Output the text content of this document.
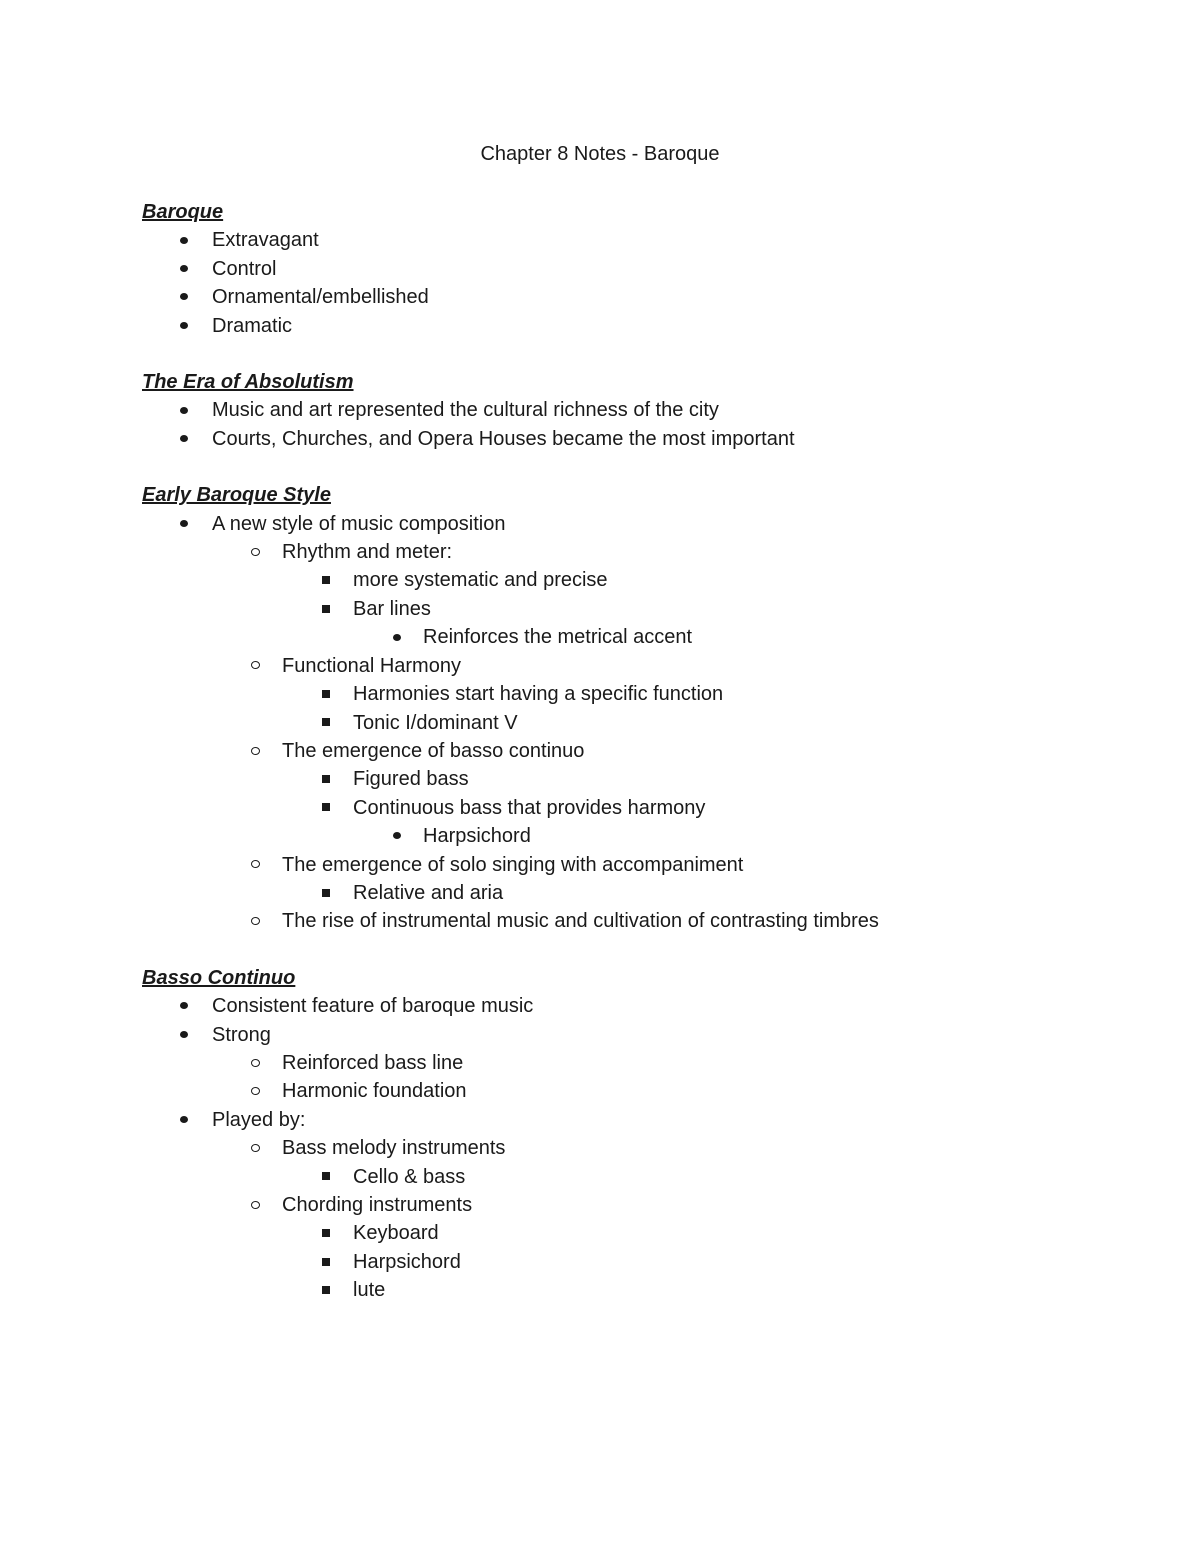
Chapter 8 Notes - Baroque
Baroque
Extravagant
Control
Ornamental/embellished
Dramatic
The Era of Absolutism
Music and art represented the cultural richness of the city
Courts, Churches, and Opera Houses became the most important
Early Baroque Style
A new style of music composition
Rhythm and meter:
more systematic and precise
Bar lines
Reinforces the metrical accent
Functional Harmony
Harmonies start having a specific function
Tonic I/dominant V
The emergence of basso continuo
Figured bass
Continuous bass that provides harmony
Harpsichord
The emergence of solo singing with accompaniment
Relative and aria
The rise of instrumental music and cultivation of contrasting timbres
Basso Continuo
Consistent feature of baroque music
Strong
Reinforced bass line
Harmonic foundation
Played by:
Bass melody instruments
Cello & bass
Chording instruments
Keyboard
Harpsichord
lute
